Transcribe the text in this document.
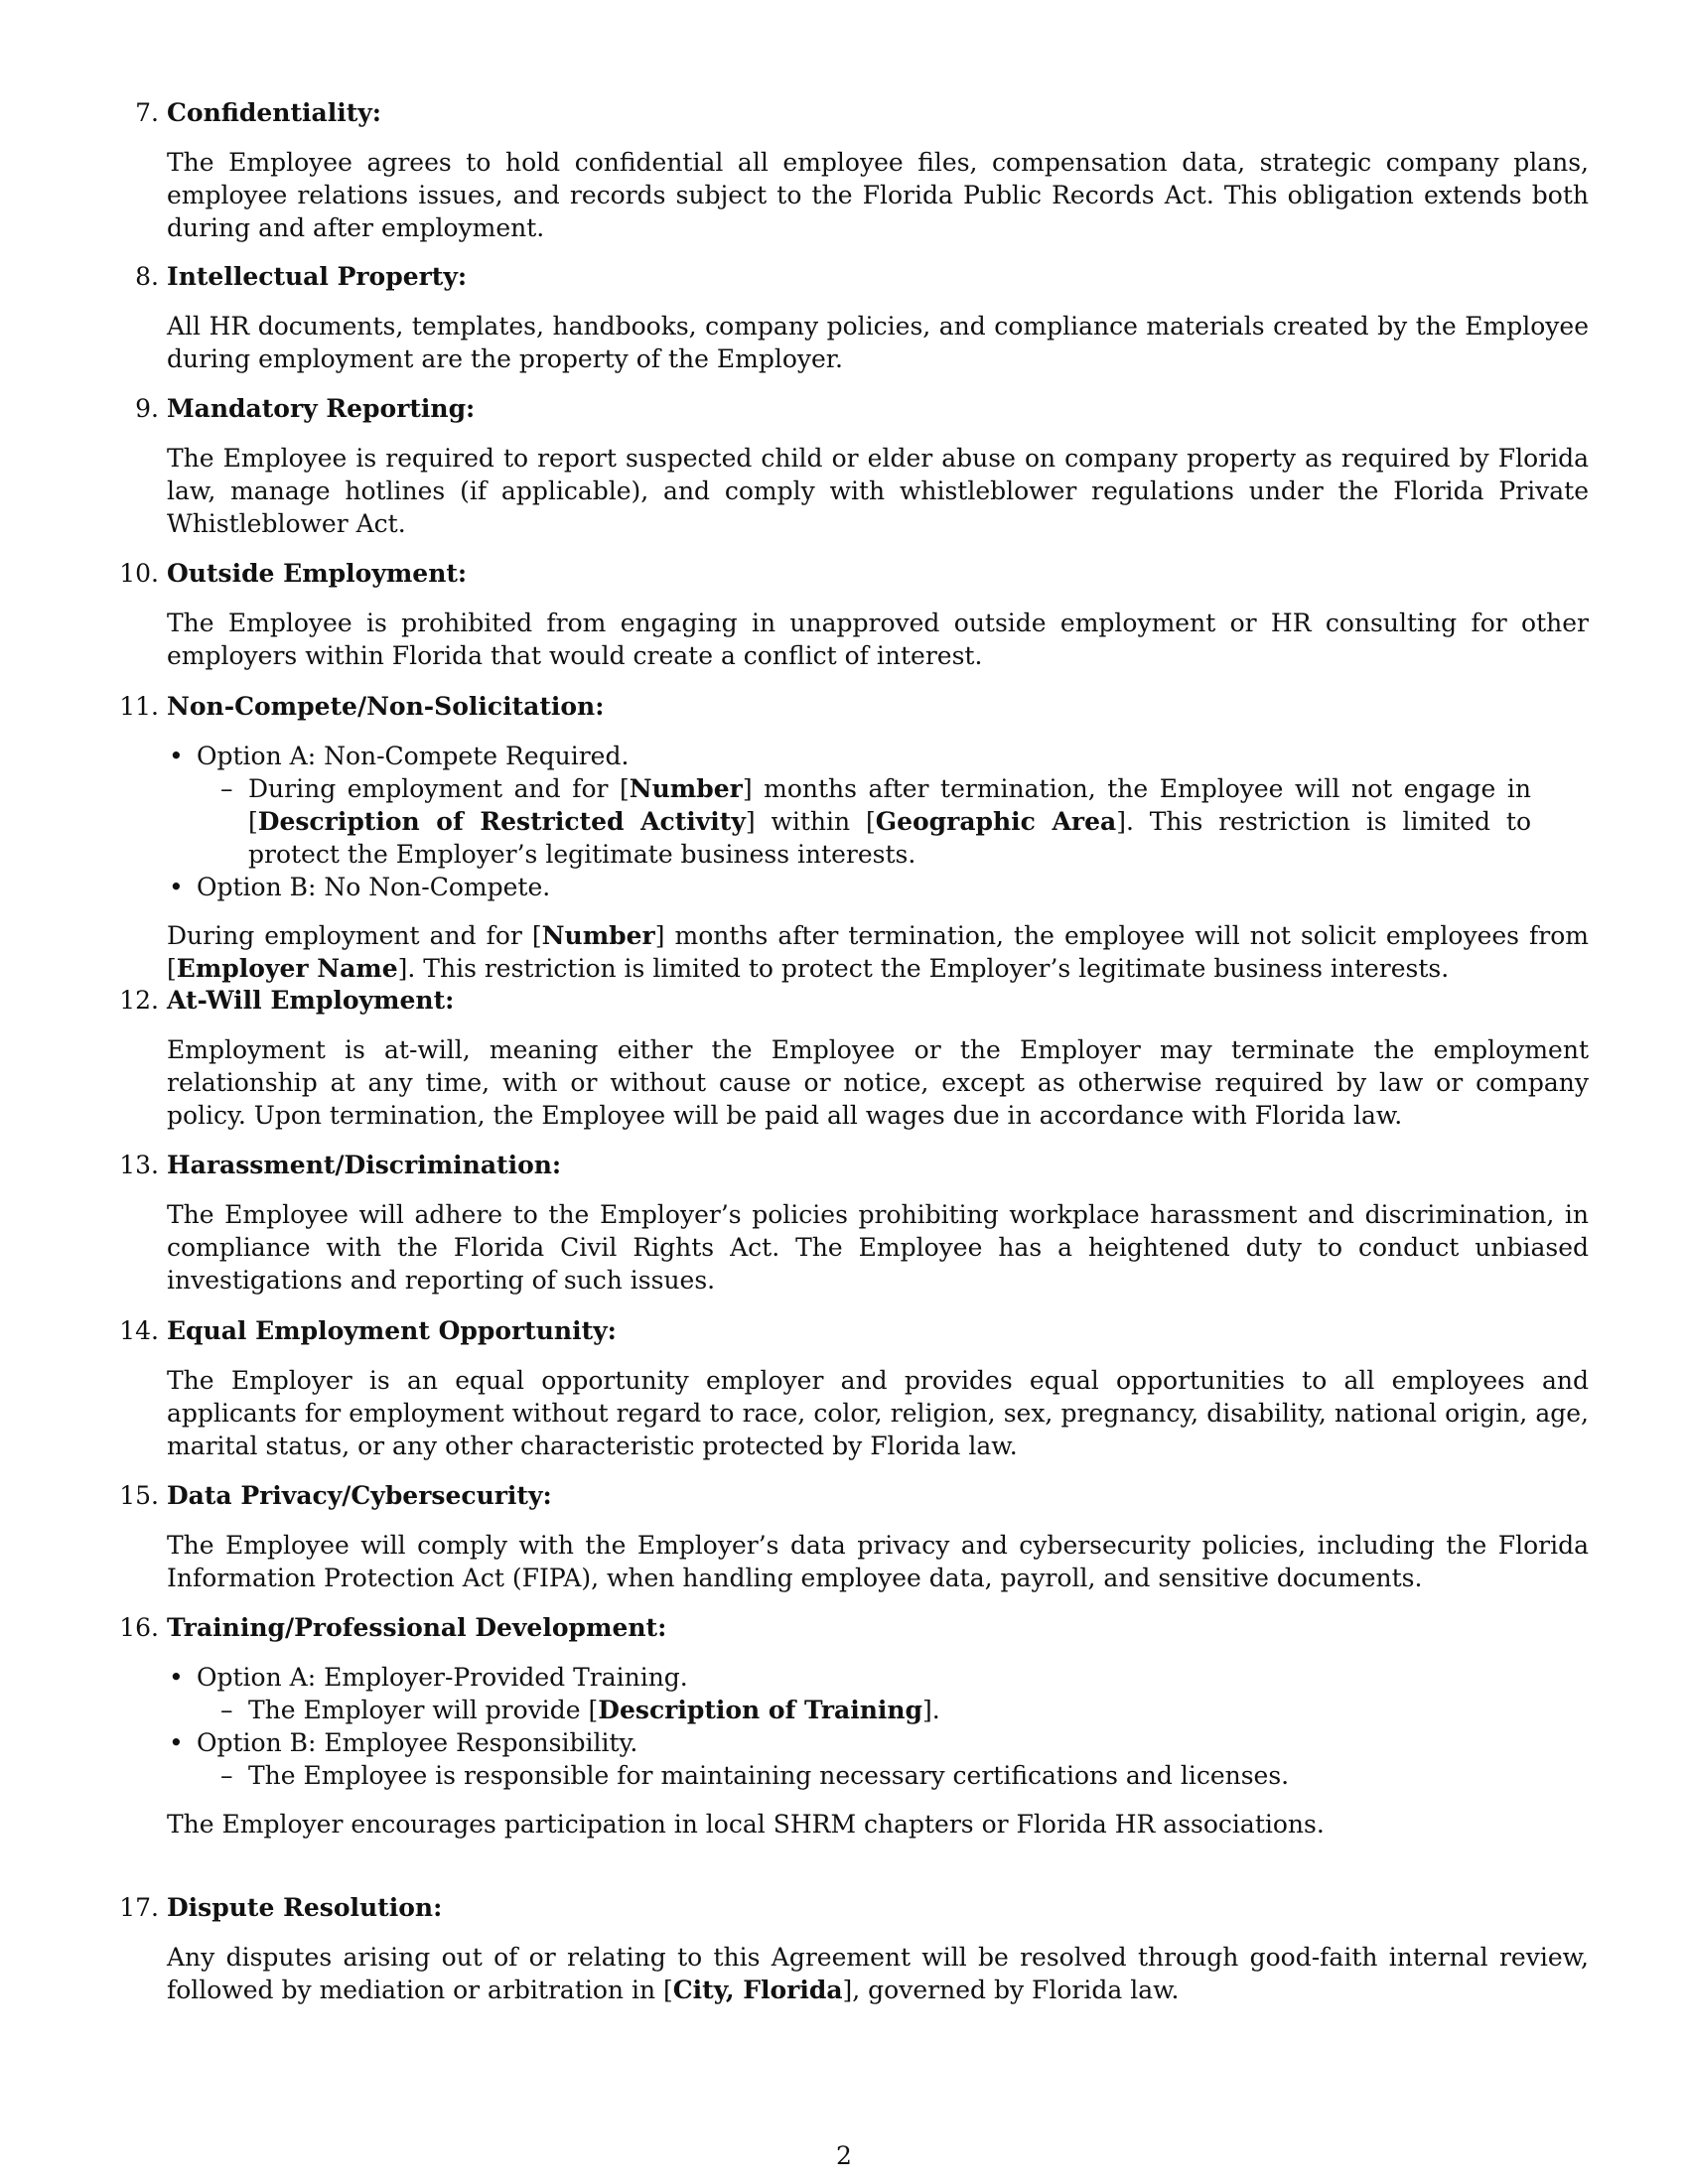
7. Confidentiality:
The Employee agrees to hold confidential all employee files, compensation data, strategic company plans, employee relations issues, and records subject to the Florida Public Records Act. This obligation extends both during and after employment.
8. Intellectual Property:
All HR documents, templates, handbooks, company policies, and compliance materials created by the Employee during employment are the property of the Employer.
9. Mandatory Reporting:
The Employee is required to report suspected child or elder abuse on company property as required by Florida law, manage hotlines (if applicable), and comply with whistleblower regulations under the Florida Private Whistleblower Act.
10. Outside Employment:
The Employee is prohibited from engaging in unapproved outside employment or HR consulting for other employers within Florida that would create a conflict of interest.
11. Non-Compete/Non-Solicitation:
• Option A: Non-Compete Required.
– During employment and for [Number] months after termination, the Employee will not engage in [Description of Restricted Activity] within [Geographic Area]. This restriction is limited to protect the Employer’s legitimate business interests.
• Option B: No Non-Compete.
During employment and for [Number] months after termination, the employee will not solicit employees from [Employer Name]. This restriction is limited to protect the Employer’s legitimate business interests.
12. At-Will Employment:
Employment is at-will, meaning either the Employee or the Employer may terminate the employment relationship at any time, with or without cause or notice, except as otherwise required by law or company policy. Upon termination, the Employee will be paid all wages due in accordance with Florida law.
13. Harassment/Discrimination:
The Employee will adhere to the Employer’s policies prohibiting workplace harassment and discrimination, in compliance with the Florida Civil Rights Act. The Employee has a heightened duty to conduct unbiased investigations and reporting of such issues.
14. Equal Employment Opportunity:
The Employer is an equal opportunity employer and provides equal opportunities to all employees and applicants for employment without regard to race, color, religion, sex, pregnancy, disability, national origin, age, marital status, or any other characteristic protected by Florida law.
15. Data Privacy/Cybersecurity:
The Employee will comply with the Employer’s data privacy and cybersecurity policies, including the Florida Information Protection Act (FIPA), when handling employee data, payroll, and sensitive documents.
16. Training/Professional Development:
• Option A: Employer-Provided Training.
– The Employer will provide [Description of Training].
• Option B: Employee Responsibility.
– The Employee is responsible for maintaining necessary certifications and licenses.
The Employer encourages participation in local SHRM chapters or Florida HR associations.
17. Dispute Resolution:
Any disputes arising out of or relating to this Agreement will be resolved through good-faith internal review, followed by mediation or arbitration in [City, Florida], governed by Florida law.
2
